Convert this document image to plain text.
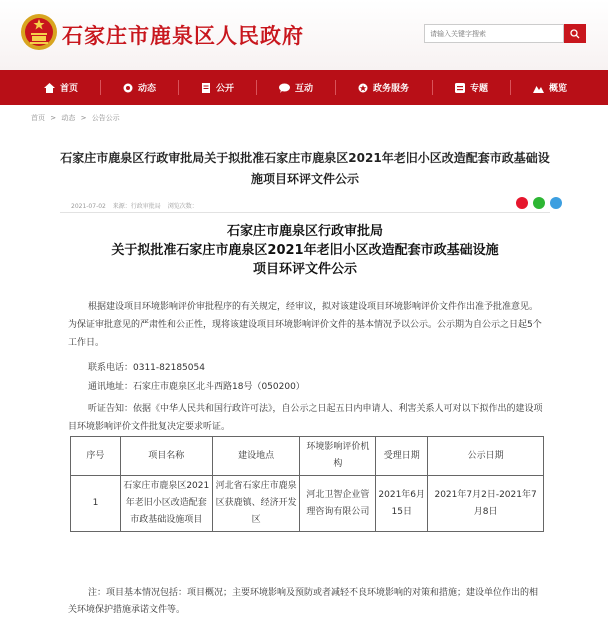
石家庄市鹿泉区人民政府
请输入关键字搜索
首页	动态	公开	互动	政务服务	专题	概览
首页 > 动态 > 公告公示
石家庄市鹿泉区行政审批局关于拟批准石家庄市鹿泉区2021年老旧小区改造配套市政基础设施项目环评文件公示
2021-07-02 来源：行政审批局 浏览次数：
石家庄市鹿泉区行政审批局
关于拟批准石家庄市鹿泉区2021年老旧小区改造配套市政基础设施
项目环评文件公示
根据建设项目环境影响评价审批程序的有关规定，经审议，拟对该建设项目环境影响评价文件作出准予批准意见。为保证审批意见的严肃性和公正性，现将该建设项目环境影响评价文件的基本情况予以公示。公示期为自公示之日起5个工作日。
联系电话：0311-82185054
通讯地址：石家庄市鹿泉区北斗西路18号（050200）
听证告知：依据《中华人民共和国行政许可法》，自公示之日起五日内申请人、利害关系人可对以下拟作出的建设项目环境影响评价文件批复决定要求听证。
序号	项目名称	建设地点	环境影响评价机构	受理日期	公示日期
1	石家庄市鹿泉区2021年老旧小区改造配套市政基础设施项目	河北省石家庄市鹿泉区获鹿镇、经济开发区	河北卫智企业管理咨询有限公司	2021年6月15日	2021年7月2日-2021年7月8日
注：项目基本情况包括：项目概况；主要环境影响及预防或者减轻不良环境影响的对策和措施；建设单位作出的相关环境保护措施承诺文件等。
